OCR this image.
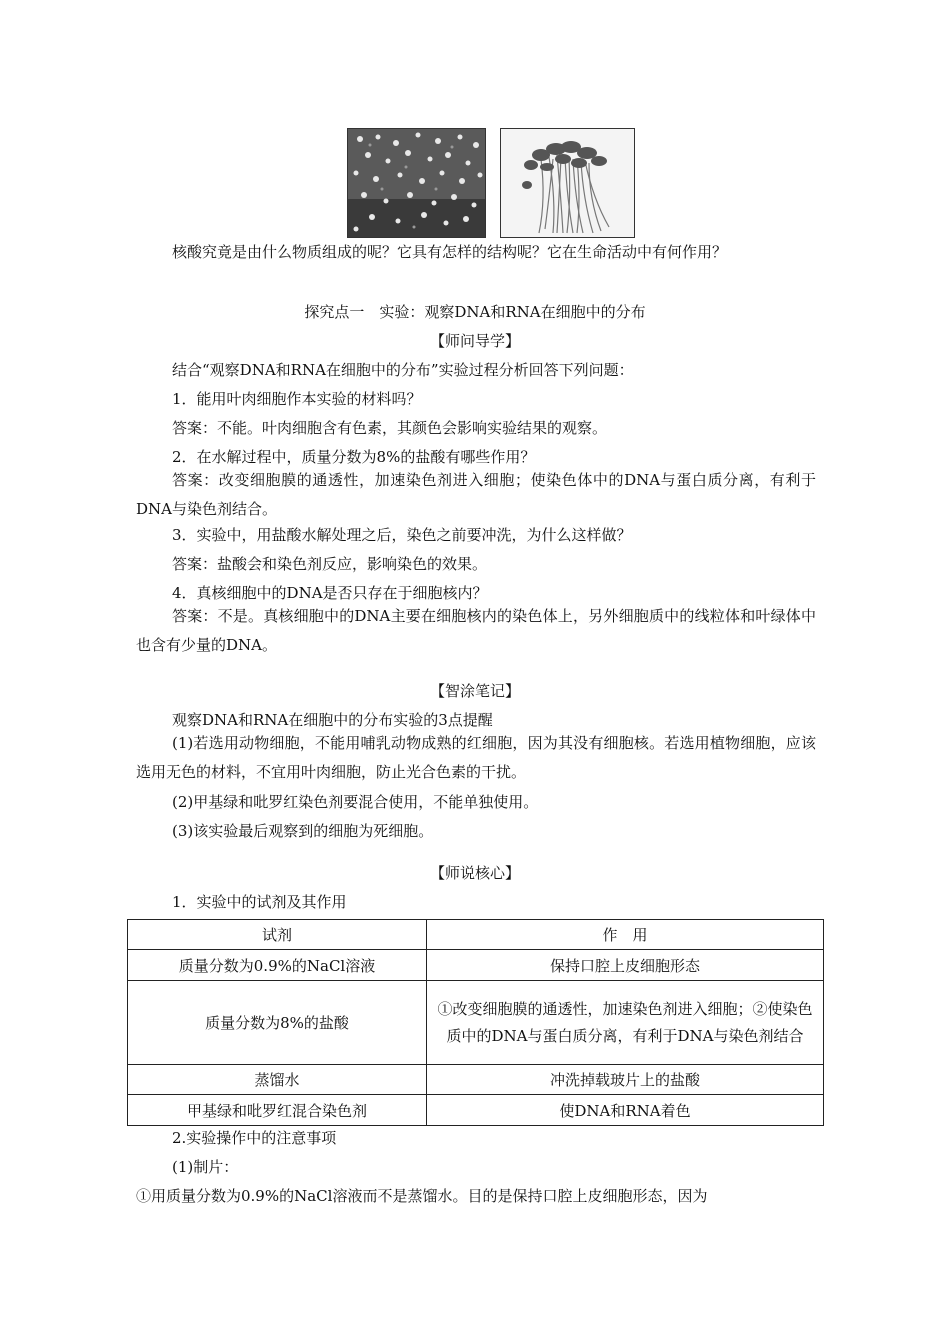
核酸究竟是由什么物质组成的呢？它具有怎样的结构呢？它在生命活动中有何作用？
探究点一　实验：观察DNA和RNA在细胞中的分布
【师问导学】
结合“观察DNA和RNA在细胞中的分布”实验过程分析回答下列问题：
1．能用叶肉细胞作本实验的材料吗？
答案：不能。叶肉细胞含有色素，其颜色会影响实验结果的观察。
2．在水解过程中，质量分数为8%的盐酸有哪些作用？
答案：改变细胞膜的通透性，加速染色剂进入细胞；使染色体中的DNA与蛋白质分离，有利于DNA与染色剂结合。
3．实验中，用盐酸水解处理之后，染色之前要冲洗，为什么这样做？
答案：盐酸会和染色剂反应，影响染色的效果。
4．真核细胞中的DNA是否只存在于细胞核内？
答案：不是。真核细胞中的DNA主要在细胞核内的染色体上，另外细胞质中的线粒体和叶绿体中也含有少量的DNA。
【智涂笔记】
观察DNA和RNA在细胞中的分布实验的3点提醒
(1)若选用动物细胞，不能用哺乳动物成熟的红细胞，因为其没有细胞核。若选用植物细胞，应该选用无色的材料，不宜用叶肉细胞，防止光合色素的干扰。
(2)甲基绿和吡罗红染色剂要混合使用，不能单独使用。
(3)该实验最后观察到的细胞为死细胞。
【师说核心】
1．实验中的试剂及其作用
试剂	作　用
质量分数为0.9%的NaCl溶液	保持口腔上皮细胞形态
质量分数为8%的盐酸	①改变细胞膜的通透性，加速染色剂进入细胞；②使染色质中的DNA与蛋白质分离，有利于DNA与染色剂结合
蒸馏水	冲洗掉载玻片上的盐酸
甲基绿和吡罗红混合染色剂	使DNA和RNA着色
2.实验操作中的注意事项
(1)制片：
①用质量分数为0.9%的NaCl溶液而不是蒸馏水。目的是保持口腔上皮细胞形态，因为
